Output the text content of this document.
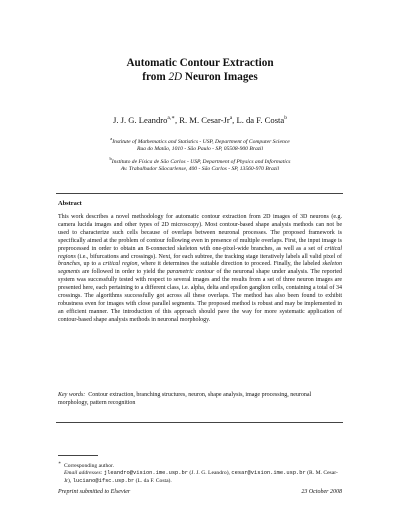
Automatic Contour Extraction
from 2D Neuron Images
J. J. G. Leandro$^{a,∗}$, R. M. Cesar-Jr$^a$, L. da F. Costa$^b$
$^a$Institute of Mathematics and Statistics - USP, Department of Computer Science
Rua do Matão, 1010 - São Paulo - SP, 05508-900 Brazil
$^b$Instituto de Física de São Carlos - USP, Department of Physics and Informatics
Av. Trabalhador Sãocarlense, 400 - São Carlos - SP, 13560-970 Brazil
Abstract
This work describes a novel methodology for automatic contour extraction from 2D images of 3D neurons (e.g. camera lucida images and other types of 2D microscopy). Most contour-based shape analysis methods can not be used to characterize such cells because of overlaps between neuronal processes. The proposed framework is specifically aimed at the problem of contour following even in presence of multiple overlaps. First, the input image is preprocessed in order to obtain an 8-connected skeleton with one-pixel-wide branches, as well as a set of critical regions (i.e., bifurcations and crossings). Next, for each subtree, the tracking stage iteratively labels all valid pixel of branches, up to a critical region, where it determines the suitable direction to proceed. Finally, the labeled skeleton segments are followed in order to yield the parametric contour of the neuronal shape under analysis. The reported system was successfully tested with respect to several images and the results from a set of three neuron images are presented here, each pertaining to a different class, i.e. alpha, delta and epsilon ganglion cells, containing a total of 34 crossings. The algorithms successfully got across all these overlaps. The method has also been found to exhibit robustness even for images with close parallel segments. The proposed method is robust and may be implemented in an efficient manner. The introduction of this approach should pave the way for more systematic application of contour-based shape analysis methods in neuronal morphology.
Key words: Contour extraction, branching structures, neuron, shape analysis, image processing, neuronal morphology, pattern recognition
∗ Corresponding author.
Email addresses: jleandro@vision.ime.usp.br (J. J. G. Leandro), cesar@vision.ime.usp.br (R. M. Cesar-Jr), luciano@ifsc.usp.br (L. da F. Costa).
Preprint submitted to Elsevier	23 October 2008
